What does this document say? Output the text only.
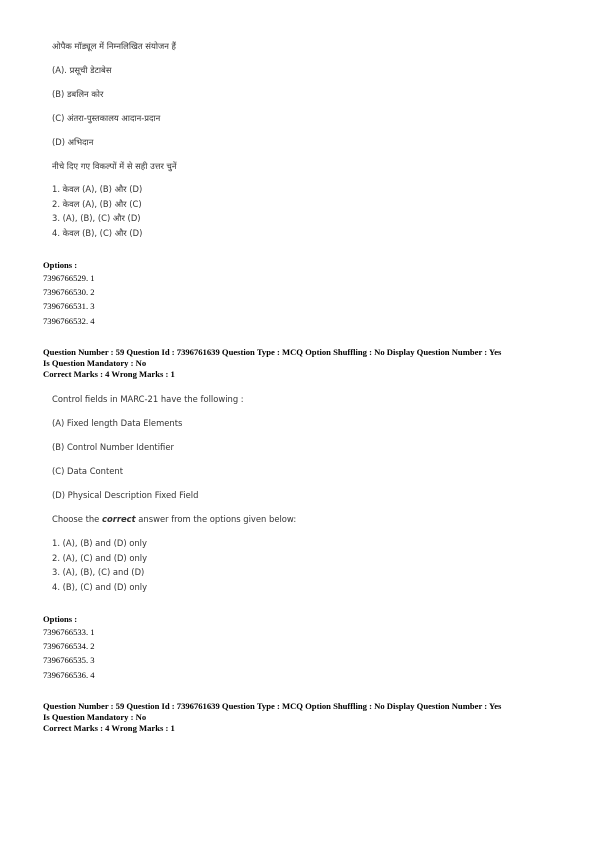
ओपैक मॉड्यूल में निम्नलिखित संयोजन हैं

(A). प्रसूची डेटाबेस

(B) डबलिन कोर

(C) अंतरा-पुस्तकालय आदान-प्रदान

(D) अभिदान

नीचे दिए गए विकल्पों में से सही उत्तर चुनें

1. केवल (A), (B) और (D)
2. केवल (A), (B) और (C)
3. (A), (B), (C) और (D)
4. केवल (B), (C) और (D)

Options :

7396766529. 1

7396766530. 2

7396766531. 3

7396766532. 4

Question Number : 59 Question Id : 7396761639 Question Type : MCQ Option Shuffling : No Display Question Number : Yes
Is Question Mandatory : No
Correct Marks : 4 Wrong Marks : 1

Control fields in MARC-21 have the following :

(A) Fixed length Data Elements

(B) Control Number Identifier

(C) Data Content

(D) Physical Description Fixed Field

Choose the correct answer from the options given below:

1. (A), (B) and (D) only
2. (A), (C) and (D) only
3. (A), (B), (C) and (D)
4. (B), (C) and (D) only

Options :

7396766533. 1

7396766534. 2

7396766535. 3

7396766536. 4

Question Number : 59 Question Id : 7396761639 Question Type : MCQ Option Shuffling : No Display Question Number : Yes
Is Question Mandatory : No
Correct Marks : 4 Wrong Marks : 1
